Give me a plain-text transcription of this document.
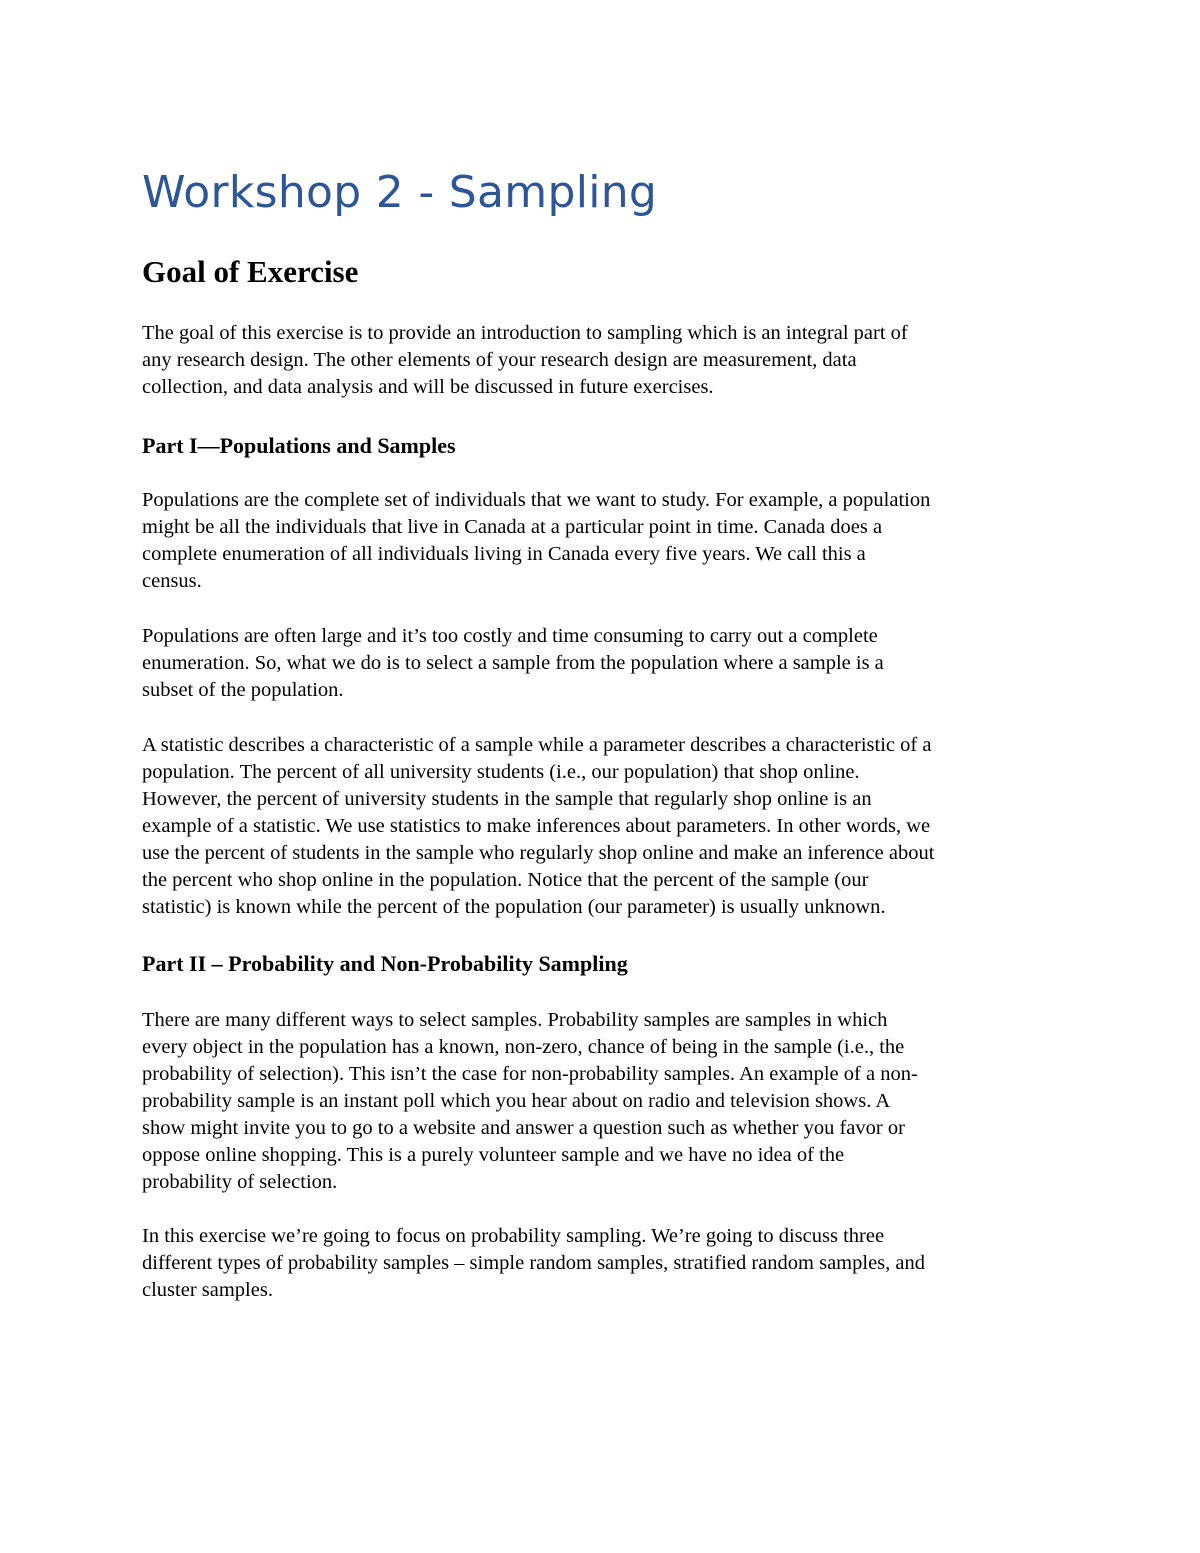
Workshop 2 - Sampling
Goal of Exercise
The goal of this exercise is to provide an introduction to sampling which is an integral part of
any research design. The other elements of your research design are measurement, data
collection, and data analysis and will be discussed in future exercises.
Part I—Populations and Samples
Populations are the complete set of individuals that we want to study. For example, a population
might be all the individuals that live in Canada at a particular point in time. Canada does a
complete enumeration of all individuals living in Canada every five years. We call this a
census.
Populations are often large and it’s too costly and time consuming to carry out a complete
enumeration. So, what we do is to select a sample from the population where a sample is a
subset of the population.
A statistic describes a characteristic of a sample while a parameter describes a characteristic of a
population. The percent of all university students (i.e., our population) that shop online.
However, the percent of university students in the sample that regularly shop online is an
example of a statistic. We use statistics to make inferences about parameters. In other words, we
use the percent of students in the sample who regularly shop online and make an inference about
the percent who shop online in the population. Notice that the percent of the sample (our
statistic) is known while the percent of the population (our parameter) is usually unknown.
Part II – Probability and Non-Probability Sampling
There are many different ways to select samples. Probability samples are samples in which
every object in the population has a known, non-zero, chance of being in the sample (i.e., the
probability of selection). This isn’t the case for non-probability samples. An example of a non-
probability sample is an instant poll which you hear about on radio and television shows. A
show might invite you to go to a website and answer a question such as whether you favor or
oppose online shopping. This is a purely volunteer sample and we have no idea of the
probability of selection.
In this exercise we’re going to focus on probability sampling. We’re going to discuss three
different types of probability samples – simple random samples, stratified random samples, and
cluster samples.
